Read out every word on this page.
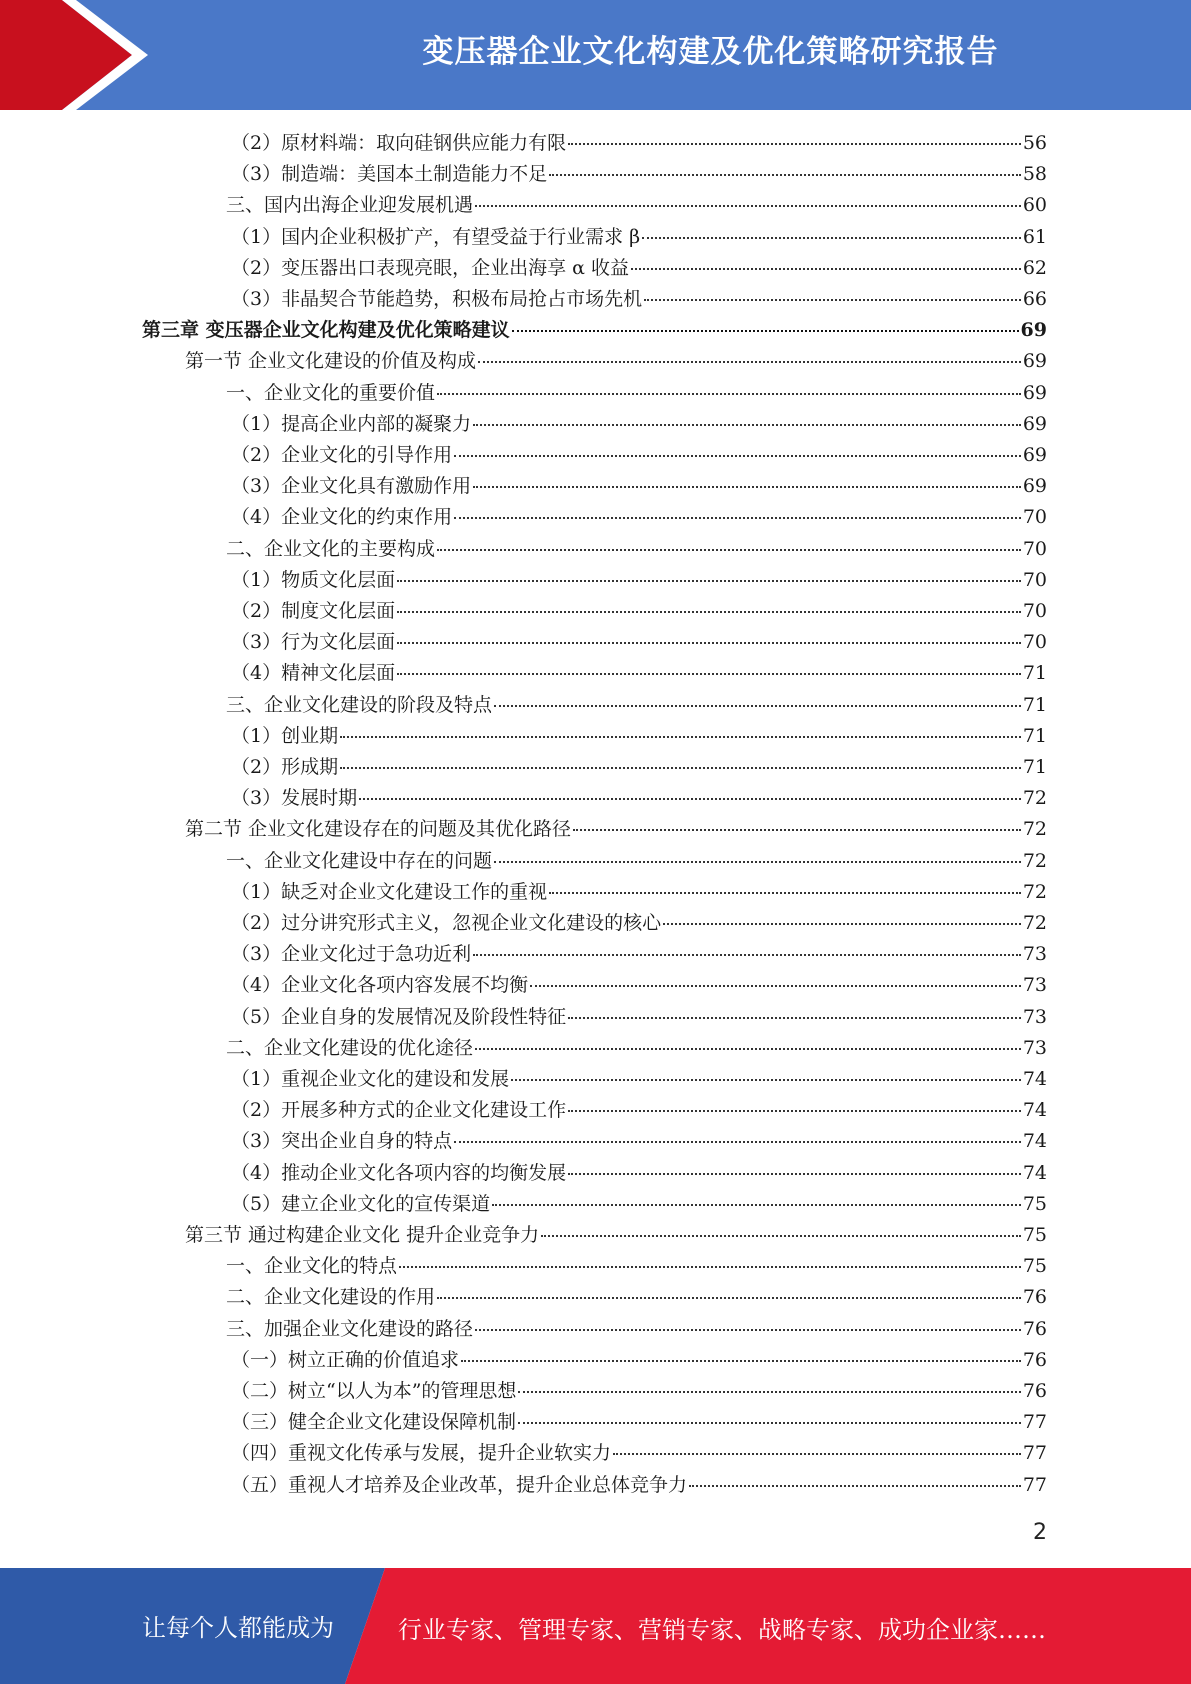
变压器企业文化构建及优化策略研究报告
（2）原材料端：取向硅钢供应能力有限	56
（3）制造端：美国本土制造能力不足	58
三、国内出海企业迎发展机遇	60
（1）国内企业积极扩产，有望受益于行业需求 β	61
（2）变压器出口表现亮眼，企业出海享 α 收益	62
（3）非晶契合节能趋势，积极布局抢占市场先机	66
第三章 变压器企业文化构建及优化策略建议	69
第一节 企业文化建设的价值及构成	69
一、企业文化的重要价值	69
（1）提高企业内部的凝聚力	69
（2）企业文化的引导作用	69
（3）企业文化具有激励作用	69
（4）企业文化的约束作用	70
二、企业文化的主要构成	70
（1）物质文化层面	70
（2）制度文化层面	70
（3）行为文化层面	70
（4）精神文化层面	71
三、企业文化建设的阶段及特点	71
（1）创业期	71
（2）形成期	71
（3）发展时期	72
第二节 企业文化建设存在的问题及其优化路径	72
一、企业文化建设中存在的问题	72
（1）缺乏对企业文化建设工作的重视	72
（2）过分讲究形式主义，忽视企业文化建设的核心	72
（3）企业文化过于急功近利	73
（4）企业文化各项内容发展不均衡	73
（5）企业自身的发展情况及阶段性特征	73
二、企业文化建设的优化途径	73
（1）重视企业文化的建设和发展	74
（2）开展多种方式的企业文化建设工作	74
（3）突出企业自身的特点	74
（4）推动企业文化各项内容的均衡发展	74
（5）建立企业文化的宣传渠道	75
第三节 通过构建企业文化 提升企业竞争力	75
一、企业文化的特点	75
二、企业文化建设的作用	76
三、加强企业文化建设的路径	76
（一）树立正确的价值追求	76
（二）树立“以人为本”的管理思想	76
（三）健全企业文化建设保障机制	77
（四）重视文化传承与发展，提升企业软实力	77
（五）重视人才培养及企业改革，提升企业总体竞争力	77
2
让每个人都能成为	行业专家、管理专家、营销专家、战略专家、成功企业家……
